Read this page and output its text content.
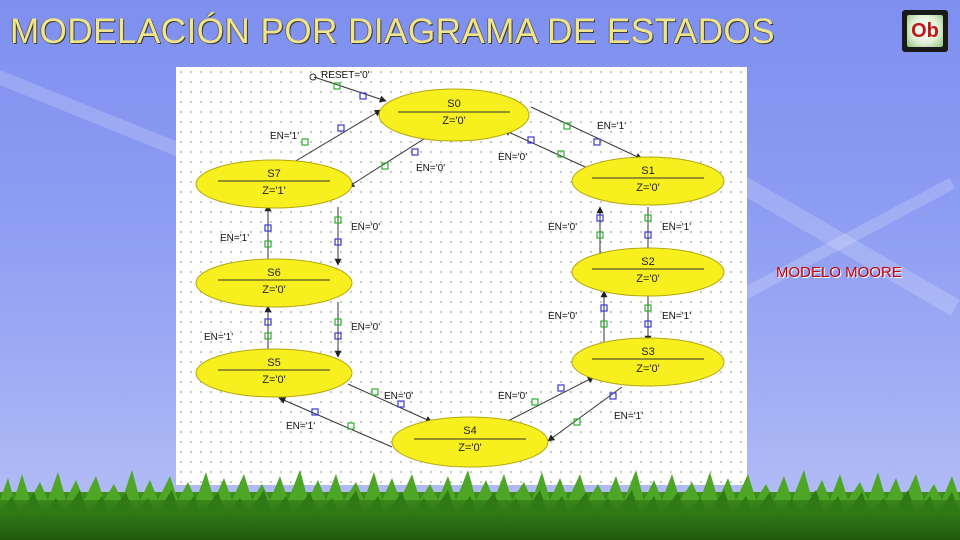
MODELACIÓN POR DIAGRAMA DE ESTADOS	Ob
RESET='0'
EN='1'
EN='0'
EN='1'
EN='0'
EN='1'
EN='0'
EN='1'
EN='0'
EN='1'
EN='0'
EN='1'
EN='0'
EN='1'
EN='0'
EN='1'
EN='0'
S0
Z='0'
S1
Z='0'
S2
Z='0'
S3
Z='0'
S4
Z='0'
S5
Z='0'
S6
Z='0'
S7
Z='1'

MODELO MOORE
